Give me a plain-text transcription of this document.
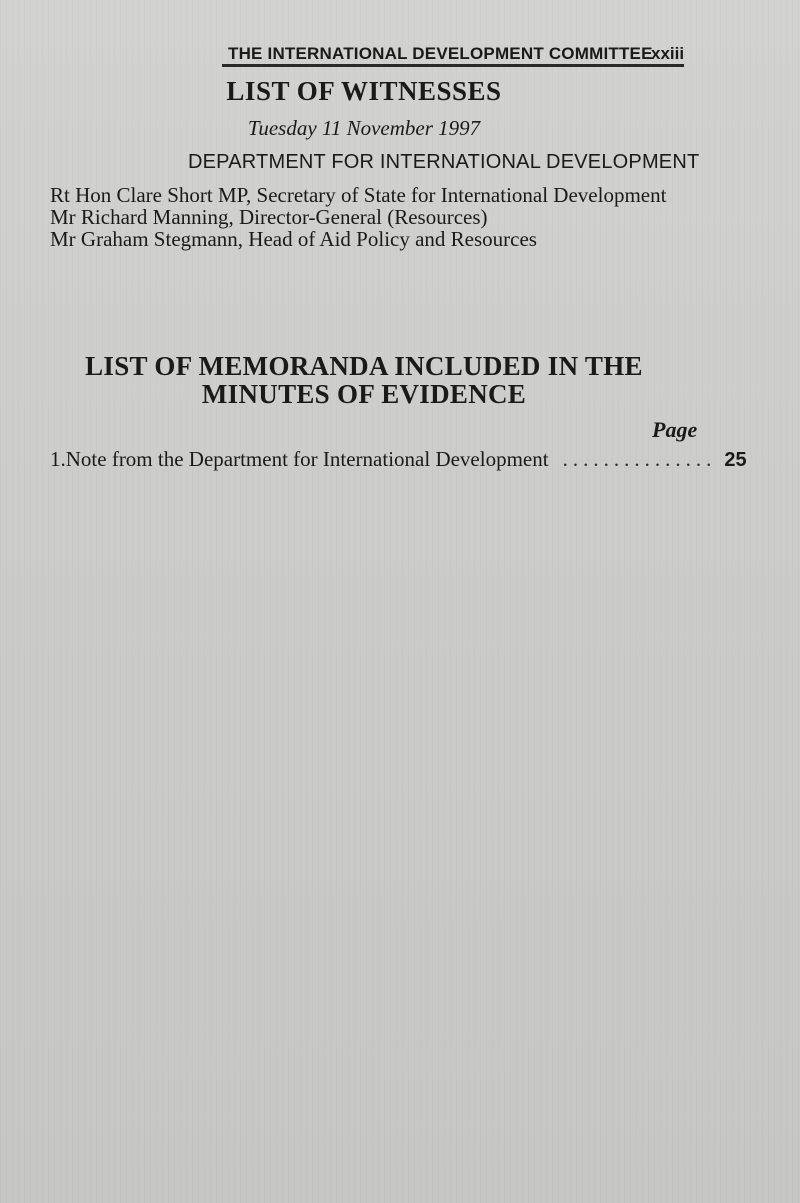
THE INTERNATIONAL DEVELOPMENT COMMITTEE
xxiii
LIST OF WITNESSES
Tuesday 11 November 1997
DEPARTMENT FOR INTERNATIONAL DEVELOPMENT
Rt Hon Clare Short MP, Secretary of State for International Development
Mr Richard Manning, Director-General (Resources)
Mr Graham Stegmann, Head of Aid Policy and Resources
LIST OF MEMORANDA INCLUDED IN THE
MINUTES OF EVIDENCE
Page
1. Note from the Department for International Development ............... 25
